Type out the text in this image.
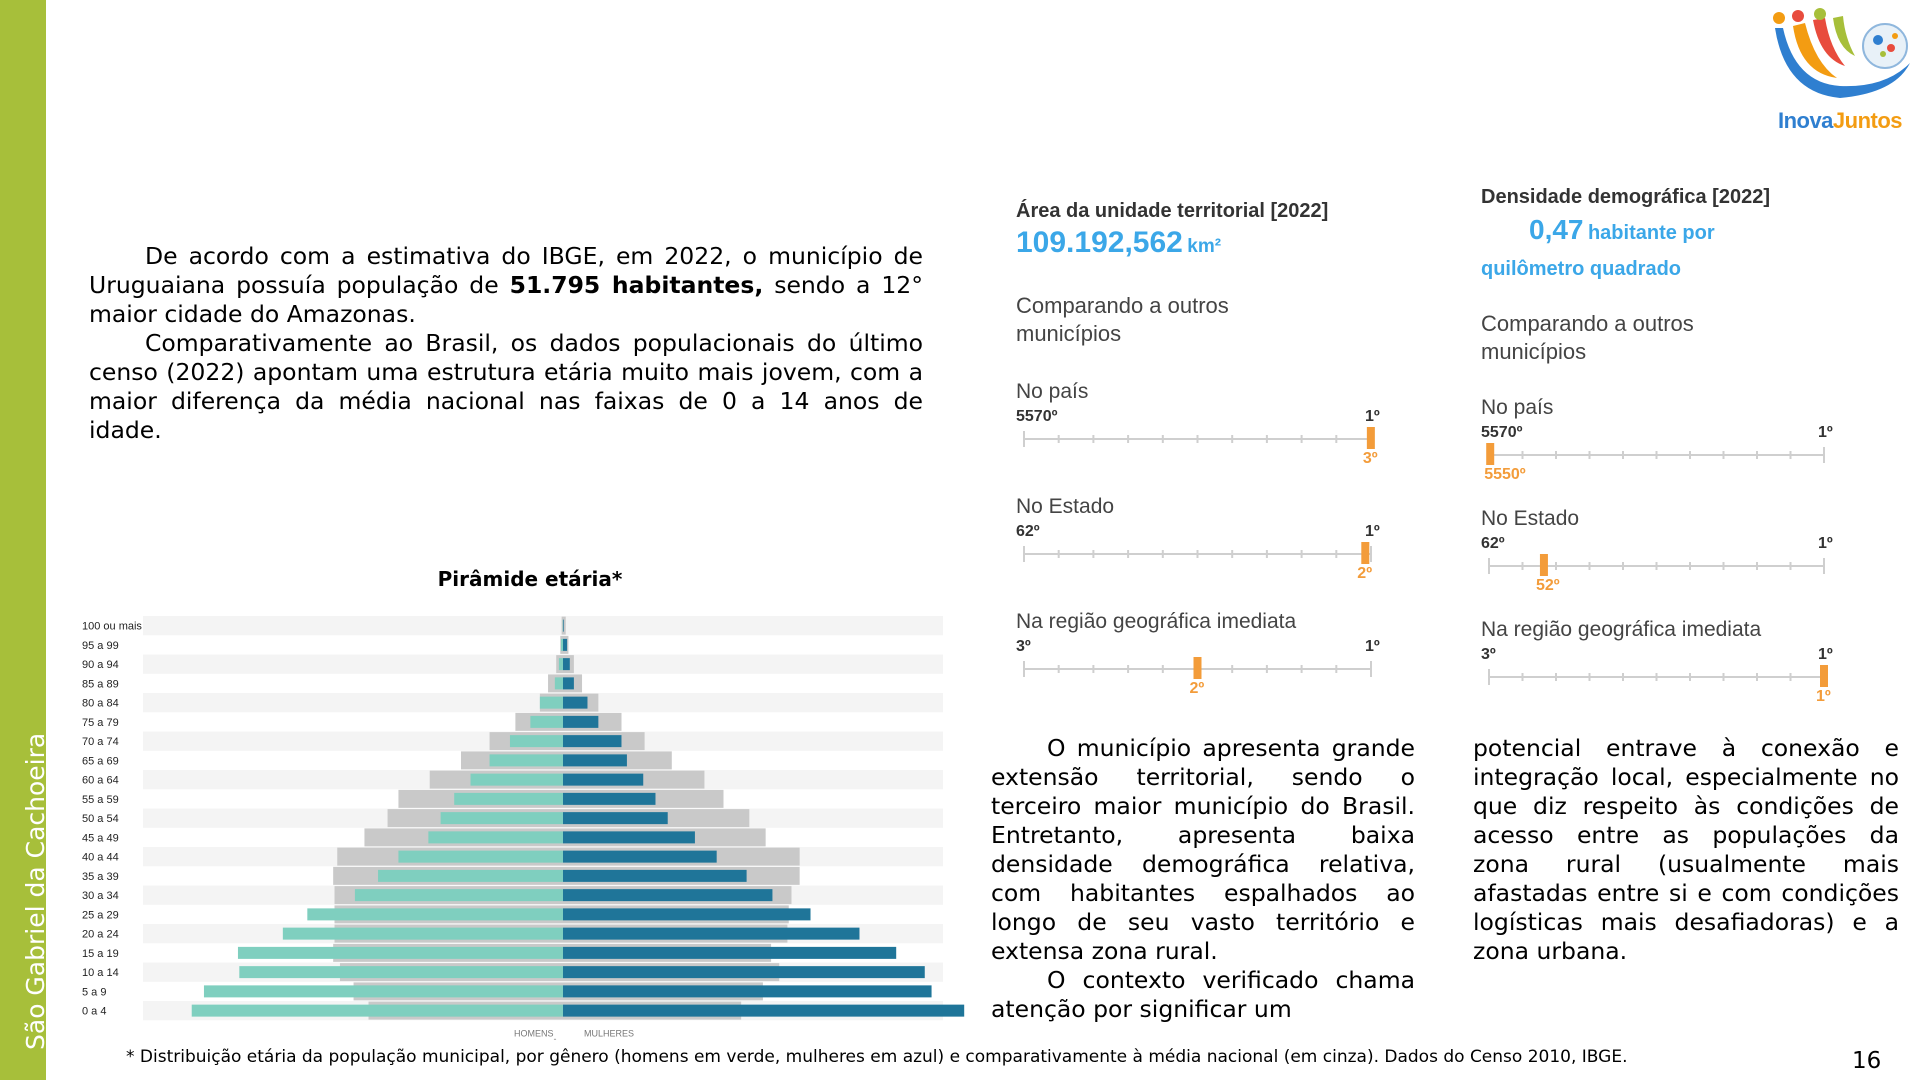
São Gabriel da Cachoeira
InovaJuntos

De acordo com a estimativa do IBGE, em 2022, o município de Uruguaiana possuía população de 51.795 habitantes, sendo a 12° maior cidade do Amazonas.

Comparativamente ao Brasil, os dados populacionais do último censo (2022) apontam uma estrutura etária muito mais jovem, com a maior diferença da média nacional nas faixas de 0 a 14 anos de idade.

Pirâmide etária*
100 ou mais
95 a 99
90 a 94
85 a 89
80 a 84
75 a 79
70 a 74
65 a 69
60 a 64
55 a 59
50 a 54
45 a 49
40 a 44
35 a 39
30 a 34
25 a 29
20 a 24
15 a 19
10 a 14
5 a 9
0 a 4
HOMENS	MULHERES
Área da unidade territorial [2022]
109.192,562 km²
Comparando a outros municípios
No país
5570º	1º
3º
No Estado
62º	1º
2º
Na região geográfica imediata
3º	1º
2º
Densidade demográfica [2022]
0,47 habitante por
quilômetro quadrado
Comparando a outros municípios
No país
5570º	1º
5550º
No Estado
62º	1º
52º
Na região geográfica imediata
3º	1º
1º

O município apresenta grande extensão territorial, sendo o terceiro maior município do Brasil. Entretanto, apresenta baixa densidade demográfica relativa, com habitantes espalhados ao longo de seu vasto território e extensa zona rural.

O contexto verificado chama atenção por significar um

potencial entrave à conexão e integração local, especialmente no que diz respeito às condições de acesso entre as populações da zona rural (usualmente mais afastadas entre si e com condições logísticas mais desafiadoras) e a zona urbana.

* Distribuição etária da população municipal, por gênero (homens em verde, mulheres em azul) e comparativamente à média nacional (em cinza). Dados do Censo 2010, IBGE.	16
